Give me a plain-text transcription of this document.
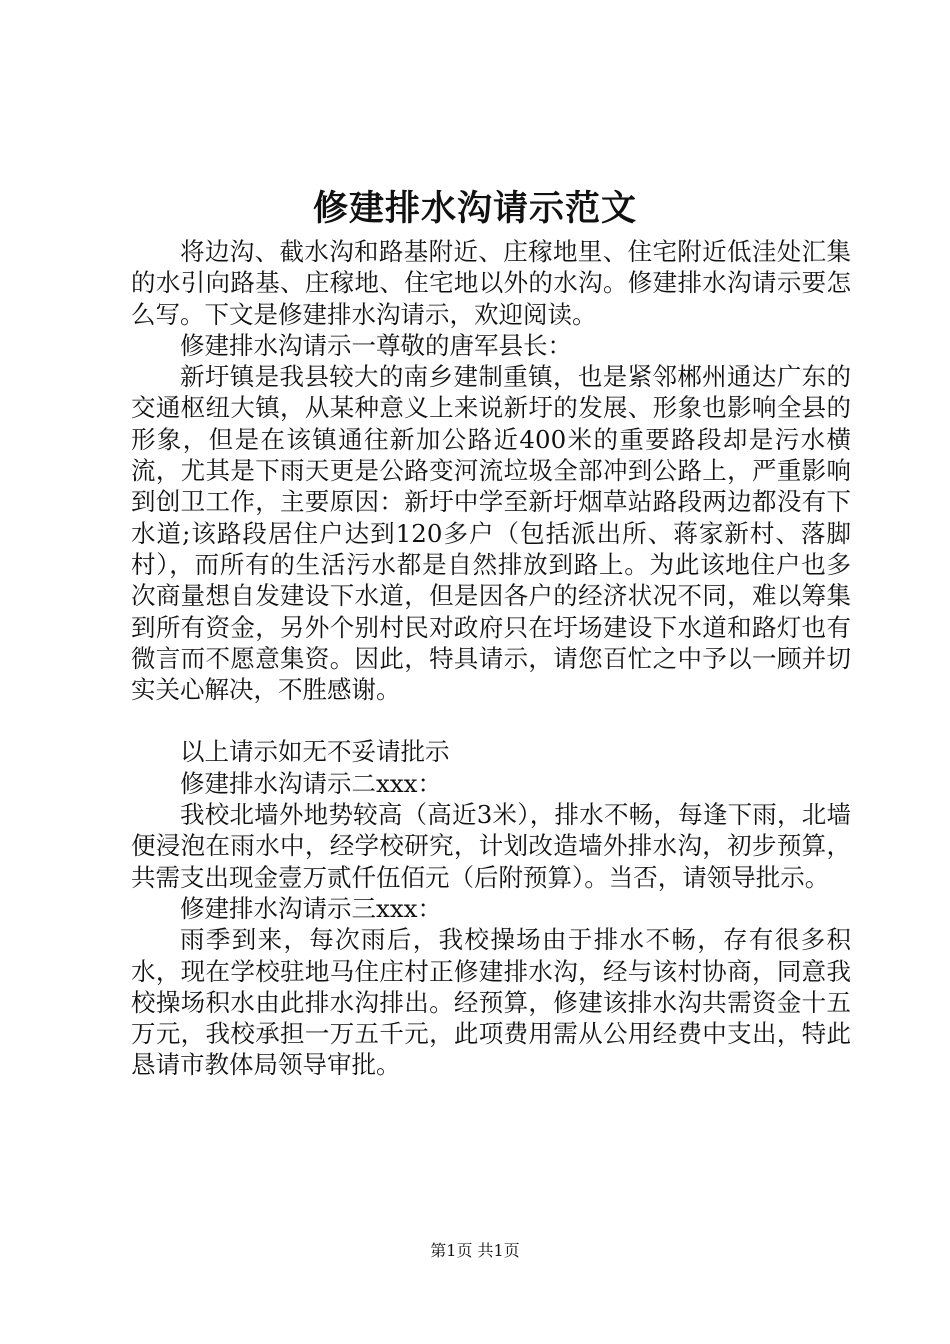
修建排水沟请示范文

将边沟、截水沟和路基附近、庄稼地里、住宅附近低洼处汇集的水引向路基、庄稼地、住宅地以外的水沟。修建排水沟请示要怎么写。下文是修建排水沟请示，欢迎阅读。

修建排水沟请示一尊敬的唐军县长：

新圩镇是我县较大的南乡建制重镇，也是紧邻郴州通达广东的交通枢纽大镇，从某种意义上来说新圩的发展、形象也影响全县的形象，但是在该镇通往新加公路近400米的重要路段却是污水横流，尤其是下雨天更是公路变河流垃圾全部冲到公路上，严重影响到创卫工作，主要原因：新圩中学至新圩烟草站路段两边都没有下水道;该路段居住户达到120多户（包括派出所、蒋家新村、落脚村），而所有的生活污水都是自然排放到路上。为此该地住户也多次商量想自发建设下水道，但是因各户的经济状况不同，难以筹集到所有资金，另外个别村民对政府只在圩场建设下水道和路灯也有微言而不愿意集资。因此，特具请示，请您百忙之中予以一顾并切实关心解决，不胜感谢。

以上请示如无不妥请批示

修建排水沟请示二xxx：

我校北墙外地势较高（高近3米），排水不畅，每逢下雨，北墙便浸泡在雨水中，经学校研究，计划改造墙外排水沟，初步预算，共需支出现金壹万贰仟伍佰元（后附预算）。当否，请领导批示。

修建排水沟请示三xxx：

雨季到来，每次雨后，我校操场由于排水不畅，存有很多积水，现在学校驻地马住庄村正修建排水沟，经与该村协商，同意我校操场积水由此排水沟排出。经预算，修建该排水沟共需资金十五万元，我校承担一万五千元，此项费用需从公用经费中支出，特此恳请市教体局领导审批。

第1页 共1页
